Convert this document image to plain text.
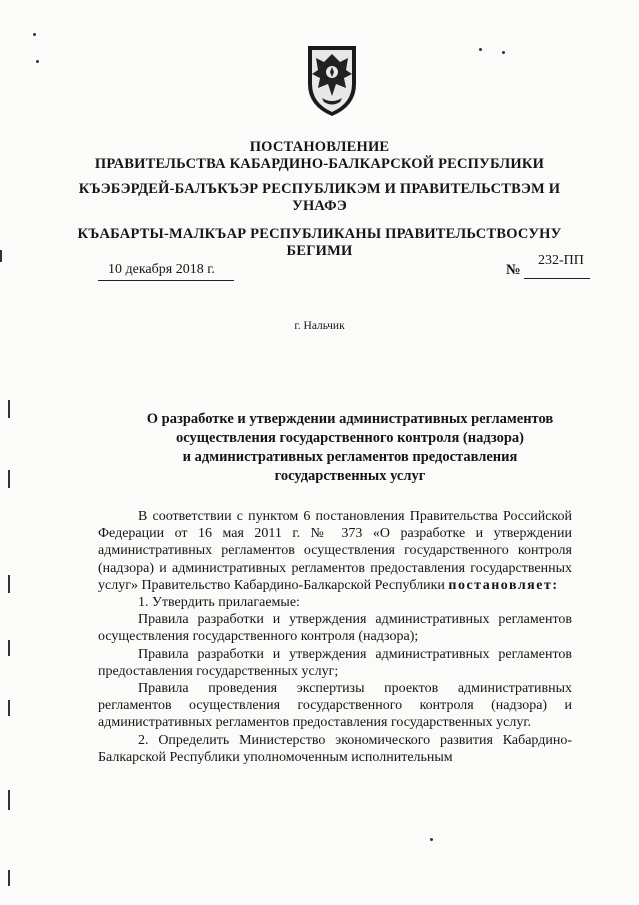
ПОСТАНОВЛЕНИЕ
ПРАВИТЕЛЬСТВА КАБАРДИНО-БАЛКАРСКОЙ РЕСПУБЛИКИ
КЪЭБЭРДЕЙ-БАЛЪКЪЭР РЕСПУБЛИКЭМ И ПРАВИТЕЛЬСТВЭМ И
УНАФЭ
КЪАБАРТЫ-МАЛКЪАР РЕСПУБЛИКАНЫ ПРАВИТЕЛЬСТВОСУНУ
БЕГИМИ
10 декабря 2018 г.	№
232-ПП
г. Нальчик
О разработке и утверждении административных регламентов
осуществления государственного контроля (надзора)
и административных регламентов предоставления
государственных услуг

В соответствии с пунктом 6 постановления Правительства Российской Федерации от 16 мая 2011 г. № 373 «О разработке и утверждении административных регламентов осуществления государственного контроля (надзора) и административных регламентов предоставления государственных услуг» Правительство Кабардино-Балкарской Республики постановляет:

1. Утвердить прилагаемые:

Правила разработки и утверждения административных регламентов осуществления государственного контроля (надзора);

Правила разработки и утверждения административных регламентов предоставления государственных услуг;

Правила проведения экспертизы проектов административных регламентов осуществления государственного контроля (надзора) и административных регламентов предоставления государственных услуг.

2. Определить Министерство экономического развития Кабардино-Балкарской Республики уполномоченным исполнительным
